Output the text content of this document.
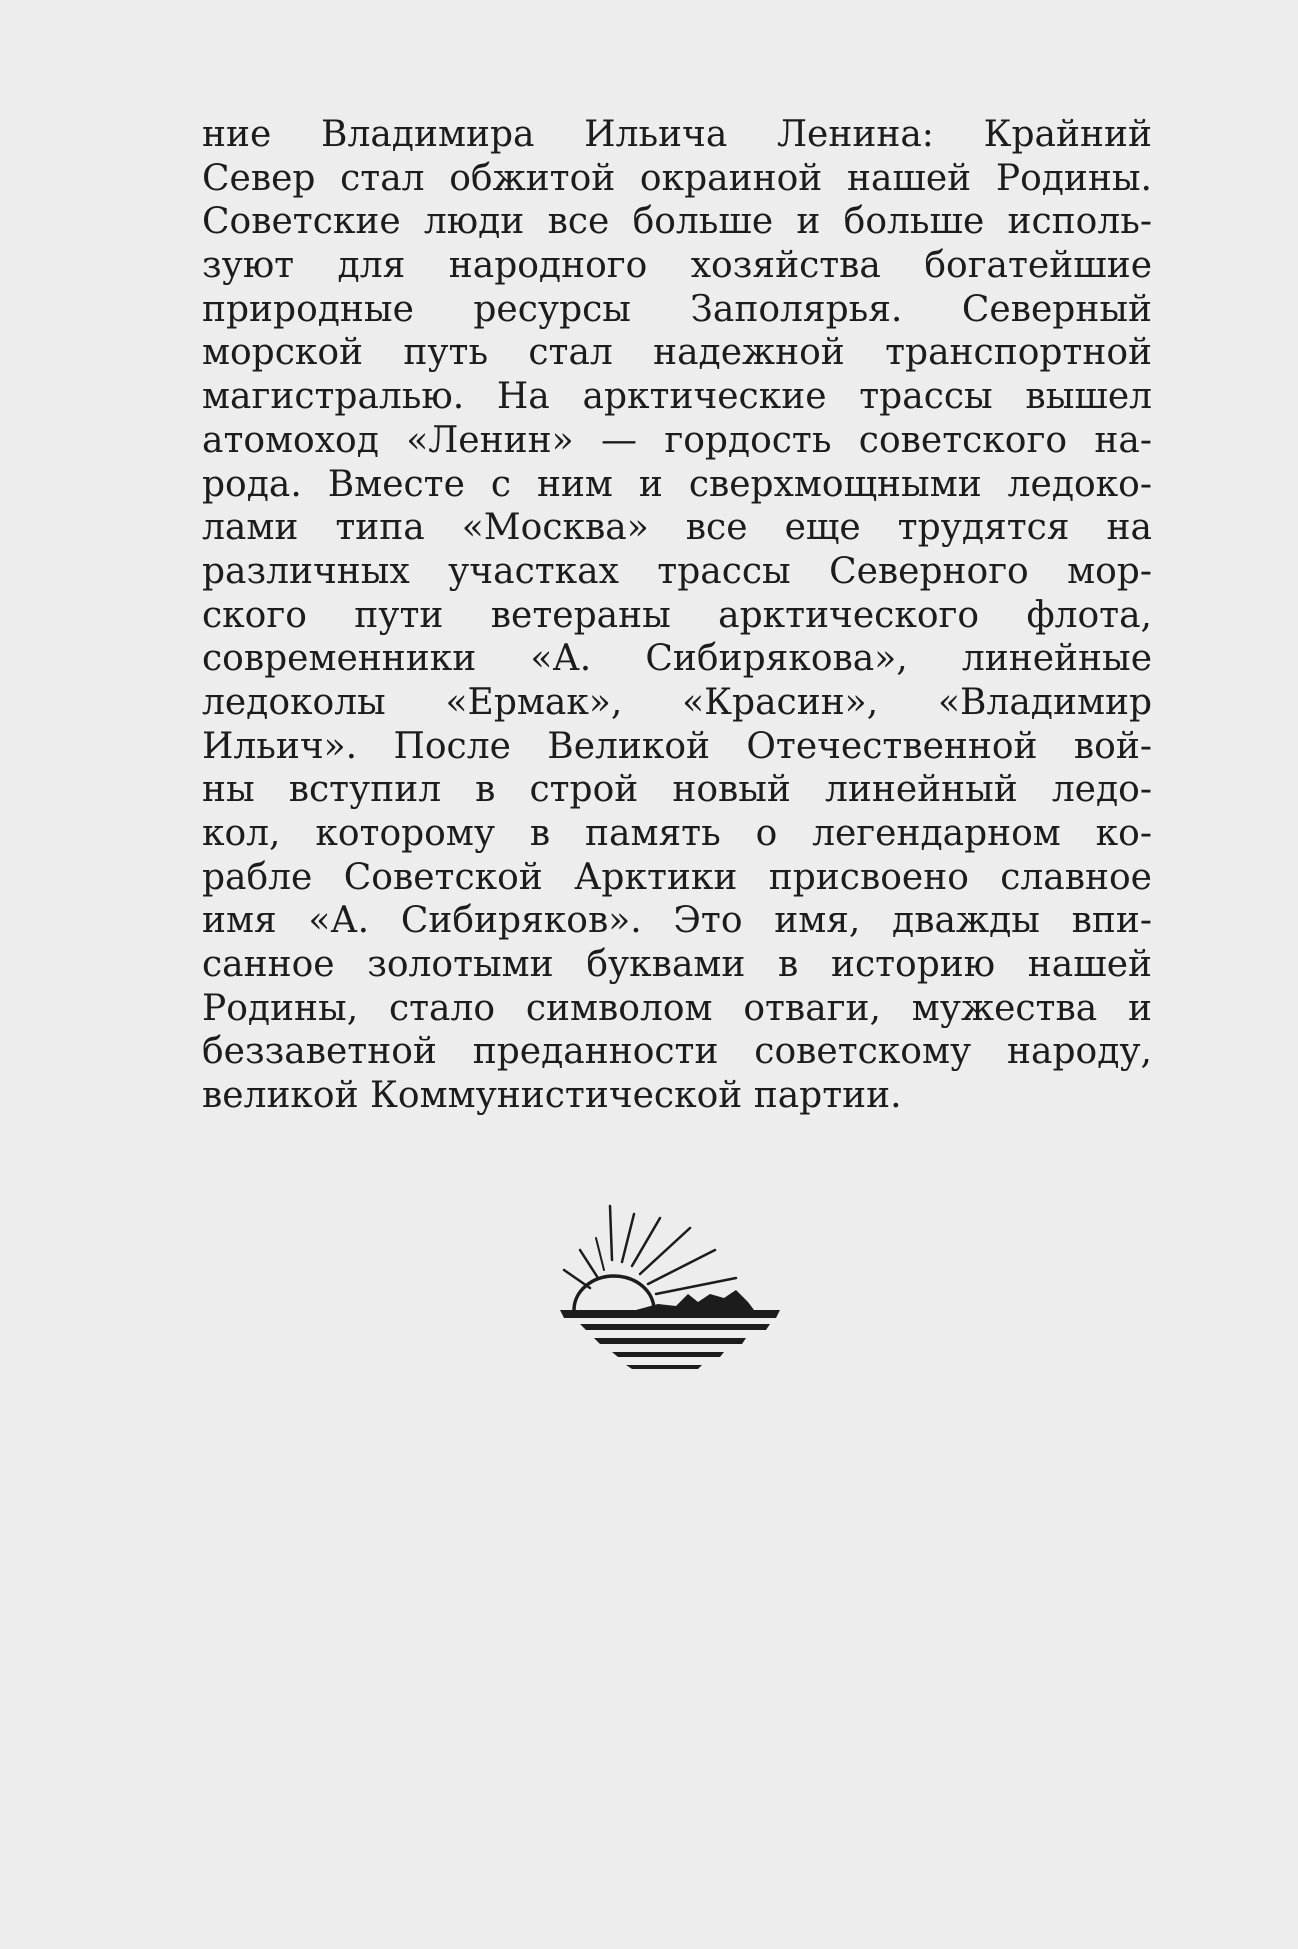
ние Владимира Ильича Ленина: Крайний
Север стал обжитой окраиной нашей Родины.
Советские люди все больше и больше исполь-
зуют для народного хозяйства богатейшие
природные ресурсы Заполярья. Северный
морской путь стал надежной транспортной
магистралью. На арктические трассы вышел
атомоход «Ленин» — гордость советского на-
рода. Вместе с ним и сверхмощными ледоко-
лами типа «Москва» все еще трудятся на
различных участках трассы Северного мор-
ского пути ветераны арктического флота,
современники «А. Сибирякова», линейные
ледоколы «Ермак», «Красин», «Владимир
Ильич». После Великой Отечественной вой-
ны вступил в строй новый линейный ледо-
кол, которому в память о легендарном ко-
рабле Советской Арктики присвоено славное
имя «А. Сибиряков». Это имя, дважды впи-
санное золотыми буквами в историю нашей
Родины, стало символом отваги, мужества и
беззаветной преданности советскому народу,
великой Коммунистической партии.
